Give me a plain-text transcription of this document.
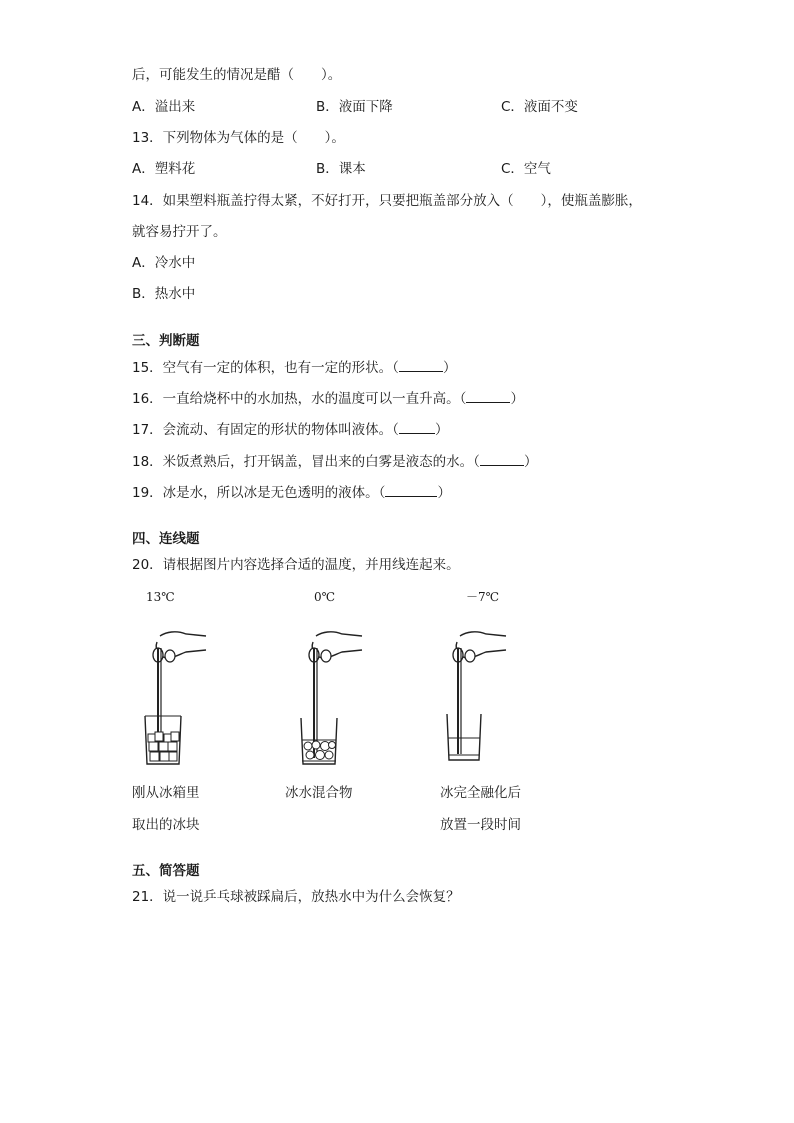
后，可能发生的情况是醋（　　）。
A．溢出来	B．液面下降	C．液面不变
13．下列物体为气体的是（　　）。
A．塑料花	B．课本	C．空气
14．如果塑料瓶盖拧得太紧，不好打开，只要把瓶盖部分放入（　　），使瓶盖膨胀，
就容易拧开了。
A．冷水中
B．热水中
三、判断题
15．空气有一定的体积，也有一定的形状。（	）
16．一直给烧杯中的水加热，水的温度可以一直升高。（	）
17．会流动、有固定的形状的物体叫液体。（	）
18．米饭煮熟后，打开锅盖，冒出来的白雾是液态的水。（	）
19．冰是水，所以冰是无色透明的液体。（	）
四、连线题
20．请根据图片内容选择合适的温度，并用线连起来。
13℃	0℃	－7℃
刚从冰箱里
取出的冰块
冰水混合物	冰完全融化后
放置一段时间
五、简答题
21．说一说乒乓球被踩扁后，放热水中为什么会恢复？
